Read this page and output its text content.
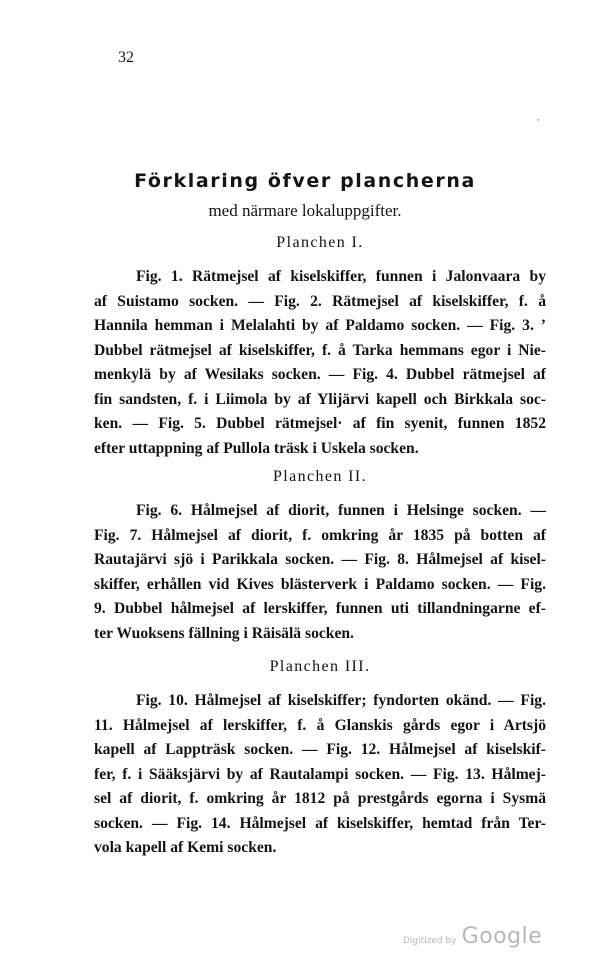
32
,
Förklaring öfver plancherna
med närmare lokaluppgifter.
Planchen I.

Fig. 1. Rätmejsel af kiselskiffer, funnen i Jalonvaara by
af Suistamo socken. — Fig. 2. Rätmejsel af kiselskiffer, f. å
Hannila hemman i Melalahti by af Paldamo socken. — Fig. 3. ʼ
Dubbel rätmejsel af kiselskiffer, f. å Tarka hemmans egor i Nie-
menkylä by af Wesilaks socken. — Fig. 4. Dubbel rätmejsel af
fin sandsten, f. i Liimola by af Ylijärvi kapell och Birkkala soc-
ken. — Fig. 5. Dubbel rätmejsel· af fin syenit, funnen 1852
efter uttappning af Pullola träsk i Uskela socken.

Planchen II.

Fig. 6. Hålmejsel af diorit, funnen i Helsinge socken. —
Fig. 7. Hålmejsel af diorit, f. omkring år 1835 på botten af
Rautajärvi sjö i Parikkala socken. — Fig. 8. Hålmejsel af kisel-
skiffer, erhållen vid Kives blästerverk i Paldamo socken. — Fig.
9. Dubbel hålmejsel af lerskiffer, funnen uti tillandningarne ef-
ter Wuoksens fällning i Räisälä socken.

Planchen III.

Fig. 10. Hålmejsel af kiselskiffer; fyndorten okänd. — Fig.
11. Hålmejsel af lerskiffer, f. å Glanskis gårds egor i Artsjö
kapell af Lappträsk socken. — Fig. 12. Hålmejsel af kiselskif-
fer, f. i Sääksjärvi by af Rautalampi socken. — Fig. 13. Hålmej-
sel af diorit, f. omkring år 1812 på prestgårds egorna i Sysmä
socken. — Fig. 14. Hålmejsel af kiselskiffer, hemtad från Ter-
vola kapell af Kemi socken.

Digitized by Google
